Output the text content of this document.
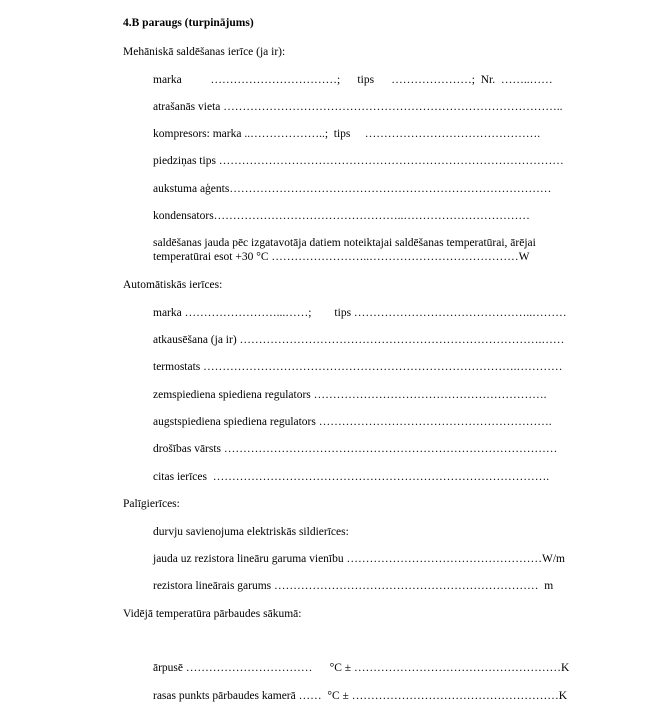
4.B paraugs (turpinājums)
Mehāniskā saldēšanas ierīce (ja ir):
marka          ……………………………;      tips      …………………;  Nr.  ……..……
atrašanās vieta ……………………………………………………………………………..
kompresors: marka ..………………..;  tips     ……………………………………….
piedziņas tips ………………………………………………………………………………
aukstuma aģents…………………………………………………………………………
kondensators…………………………………………..……………………………
saldēšanas jauda pēc izgatavotāja datiem noteiktajai saldēšanas temperatūrai, ārējai
temperatūrai esot +30 °C ……………………..…………………………………W
Automātiskās ierīces:
marka ……………………...……;        tips ………………………………………..………
atkausēšana (ja ir) …………………………………………………………………….……
termostats ……………………………………………………………………….…………
zemspiediena spiediena regulators …………………………………………………….
augstspiediena spiediena regulators …………………………………………………….
drošības vārsts ……………………………………………………………………………
citas ierīces  …………………………………………………………………………….
Palīgierīces:
durvju savienojuma elektriskās sildierīces:
jauda uz rezistora lineāru garuma vienību ……………………………………………W/m
rezistora lineārais garums ……………………………………………………………  m
Vidējā temperatūra pārbaudes sākumā:
ārpusē ……………………………      °C ± ………………………………………………K
rasas punkts pārbaudes kamerā ……  °C ± ………………………………………………K
